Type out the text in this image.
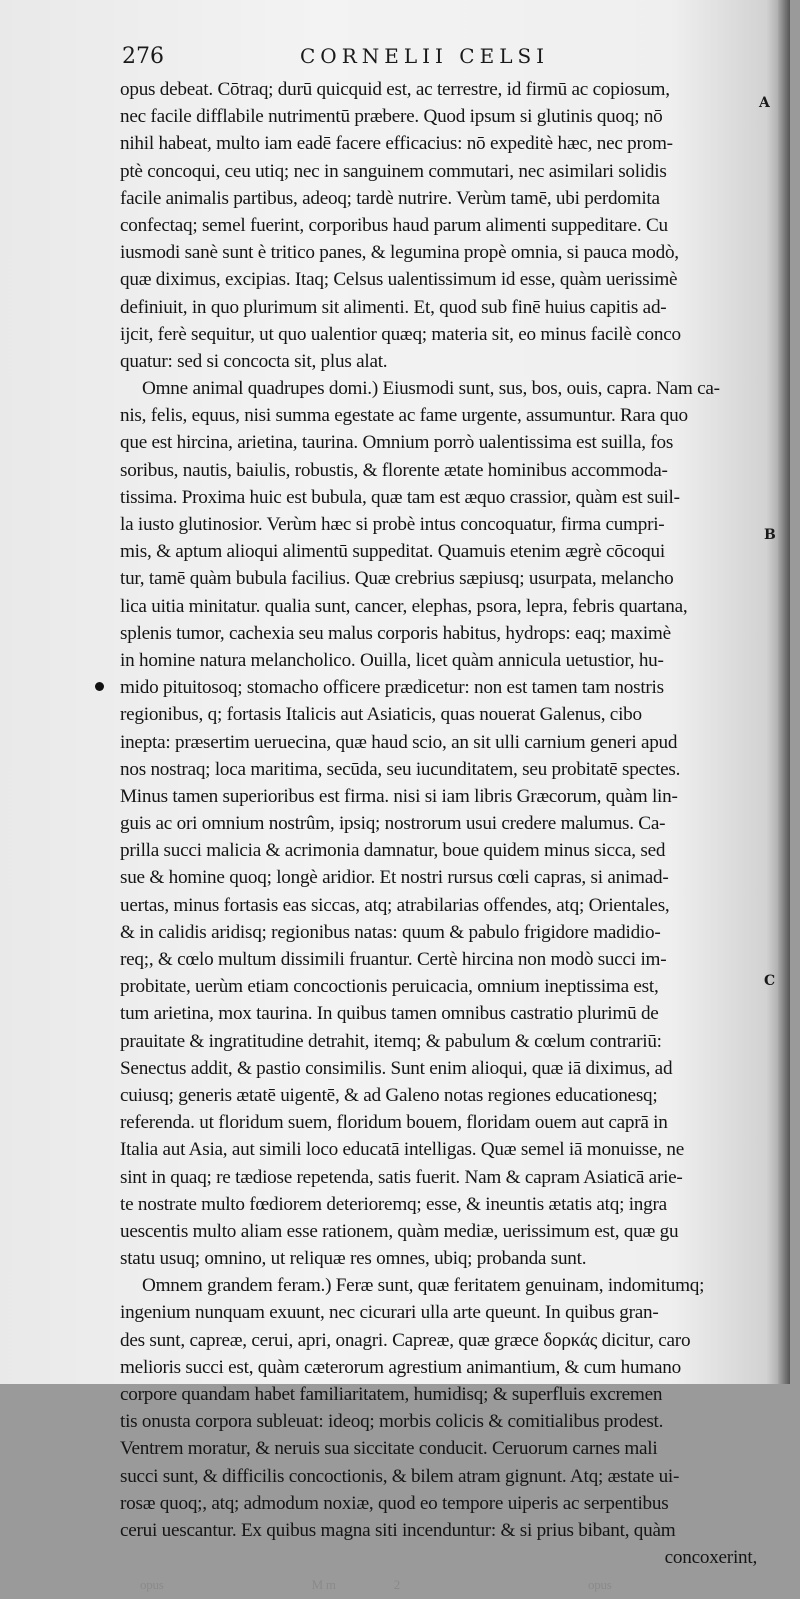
276	CORNELII CELSI
opus debeat. Cōtraq; durū quicquid est, ac terrestre, id firmū ac copiosum,
nec facile difflabile nutrimentū præbere. Quod ipsum si glutinis quoq; nō
nihil habeat, multo iam eadē facere efficacius: nō expeditè hæc, nec prom-
ptè concoqui, ceu utiq; nec in sanguinem commutari, nec asimilari solidis
facile animalis partibus, adeoq; tardè nutrire. Verùm tamē, ubi perdomita
confectaq; semel fuerint, corporibus haud parum alimenti suppeditare. Cu
iusmodi sanè sunt è tritico panes, & legumina propè omnia, si pauca modò,
quæ diximus, excipias. Itaq; Celsus ualentissimum id esse, quàm uerissimè
definiuit, in quo plurimum sit alimenti. Et, quod sub finē huius capitis ad-
ijcit, ferè sequitur, ut quo ualentior quæq; materia sit, eo minus facilè conco
quatur: sed si concocta sit, plus alat.
Omne animal quadrupes domi.) Eiusmodi sunt, sus, bos, ouis, capra. Nam ca-
nis, felis, equus, nisi summa egestate ac fame urgente, assumuntur. Rara quo
que est hircina, arietina, taurina. Omnium porrò ualentissima est suilla, fos
soribus, nautis, baiulis, robustis, & florente ætate hominibus accommoda-
tissima. Proxima huic est bubula, quæ tam est æquo crassior, quàm est suil-
la iusto glutinosior. Verùm hæc si probè intus concoquatur, firma cumpri-
mis, & aptum alioqui alimentū suppeditat. Quamuis etenim ægrè cōcoqui
tur, tamē quàm bubula facilius. Quæ crebrius sæpiusq; usurpata, melancho
lica uitia minitatur. qualia sunt, cancer, elephas, psora, lepra, febris quartana,
splenis tumor, cachexia seu malus corporis habitus, hydrops: eaq; maximè
in homine natura melancholico. Ouilla, licet quàm annicula uetustior, hu-
mido pituitosoq; stomacho officere prædicetur: non est tamen tam nostris
regionibus, q; fortasis Italicis aut Asiaticis, quas nouerat Galenus, cibo
inepta: præsertim ueruecina, quæ haud scio, an sit ulli carnium generi apud
nos nostraq; loca maritima, secūda, seu iucunditatem, seu probitatē spectes.
Minus tamen superioribus est firma. nisi si iam libris Græcorum, quàm lin-
guis ac ori omnium nostrûm, ipsiq; nostrorum usui credere malumus. Ca-
prilla succi malicia & acrimonia damnatur, boue quidem minus sicca, sed
sue & homine quoq; longè aridior. Et nostri rursus cœli capras, si animad-
uertas, minus fortasis eas siccas, atq; atrabilarias offendes, atq; Orientales,
& in calidis aridisq; regionibus natas: quum & pabulo frigidore madidio-
req;, & cœlo multum dissimili fruantur. Certè hircina non modò succi im-
probitate, uerùm etiam concoctionis peruicacia, omnium ineptissima est,
tum arietina, mox taurina. In quibus tamen omnibus castratio plurimū de
prauitate & ingratitudine detrahit, itemq; & pabulum & cœlum contrariū:
Senectus addit, & pastio consimilis. Sunt enim alioqui, quæ iā diximus, ad
cuiusq; generis ætatē uigentē, & ad Galeno notas regiones educationesq;
referenda. ut floridum suem, floridum bouem, floridam ouem aut caprā in
Italia aut Asia, aut simili loco educatā intelligas. Quæ semel iā monuisse, ne
sint in quaq; re tædiose repetenda, satis fuerit. Nam & capram Asiaticā arie-
te nostrate multo fœdiorem deterioremq; esse, & ineuntis ætatis atq; ingra
uescentis multo aliam esse rationem, quàm mediæ, uerissimum est, quæ gu
statu usuq; omnino, ut reliquæ res omnes, ubiq; probanda sunt.
Omnem grandem feram.) Feræ sunt, quæ feritatem genuinam, indomitumq;
ingenium nunquam exuunt, nec cicurari ulla arte queunt. In quibus gran-
des sunt, capreæ, cerui, apri, onagri. Capreæ, quæ græce δορκάς dicitur, caro
melioris succi est, quàm cæterorum agrestium animantium, & cum humano
corpore quandam habet familiaritatem, humidisq; & superfluis excremen
tis onusta corpora subleuat: ideoq; morbis colicis & comitialibus prodest.
Ventrem moratur, & neruis sua siccitate conducit. Ceruorum carnes mali
succi sunt, & difficilis concoctionis, & bilem atram gignunt. Atq; æstate ui-
rosæ quoq;, atq; admodum noxiæ, quod eo tempore uiperis ac serpentibus
cerui uescantur. Ex quibus magna siti incenduntur: & si prius bibant, quàm
concoxerint,
opus	M m	2	opus
A
B
C
